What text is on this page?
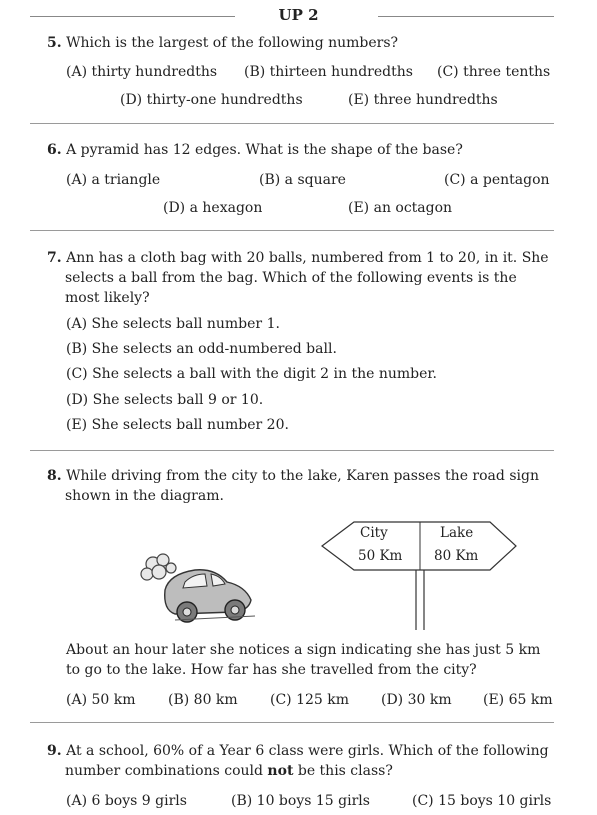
UP 2
5. Which is the largest of the following numbers?
(A) thirty hundredths (B) thirteen hundredths (C) three tenths
(D) thirty-one hundredths	(E) three hundredths
6. A pyramid has 12 edges. What is the shape of the base?
(A) a triangle	(B) a square	(C) a pentagon
(D) a hexagon	(E) an octagon
7. Ann has a cloth bag with 20 balls, numbered from 1 to 20, in it. She selects a ball from the bag. Which of the following events is the most likely?
(A) She selects ball number 1.
(B) She selects an odd-numbered ball.
(C) She selects a ball with the digit 2 in the number.
(D) She selects ball 9 or 10.
(E) She selects ball number 20.
8. While driving from the city to the lake, Karen passes the road sign shown in the diagram.
City
50 Km
Lake
80 Km
About an hour later she notices a sign indicating she has just 5 km to go to the lake. How far has she travelled from the city?
(A) 50 km (B) 80 km (C) 125 km (D) 30 km (E) 65 km
9. At a school, 60% of a Year 6 class were girls. Which of the following number combinations could not be this class?
(A) 6 boys 9 girls	(B) 10 boys 15 girls	(C) 15 boys 10 girls
